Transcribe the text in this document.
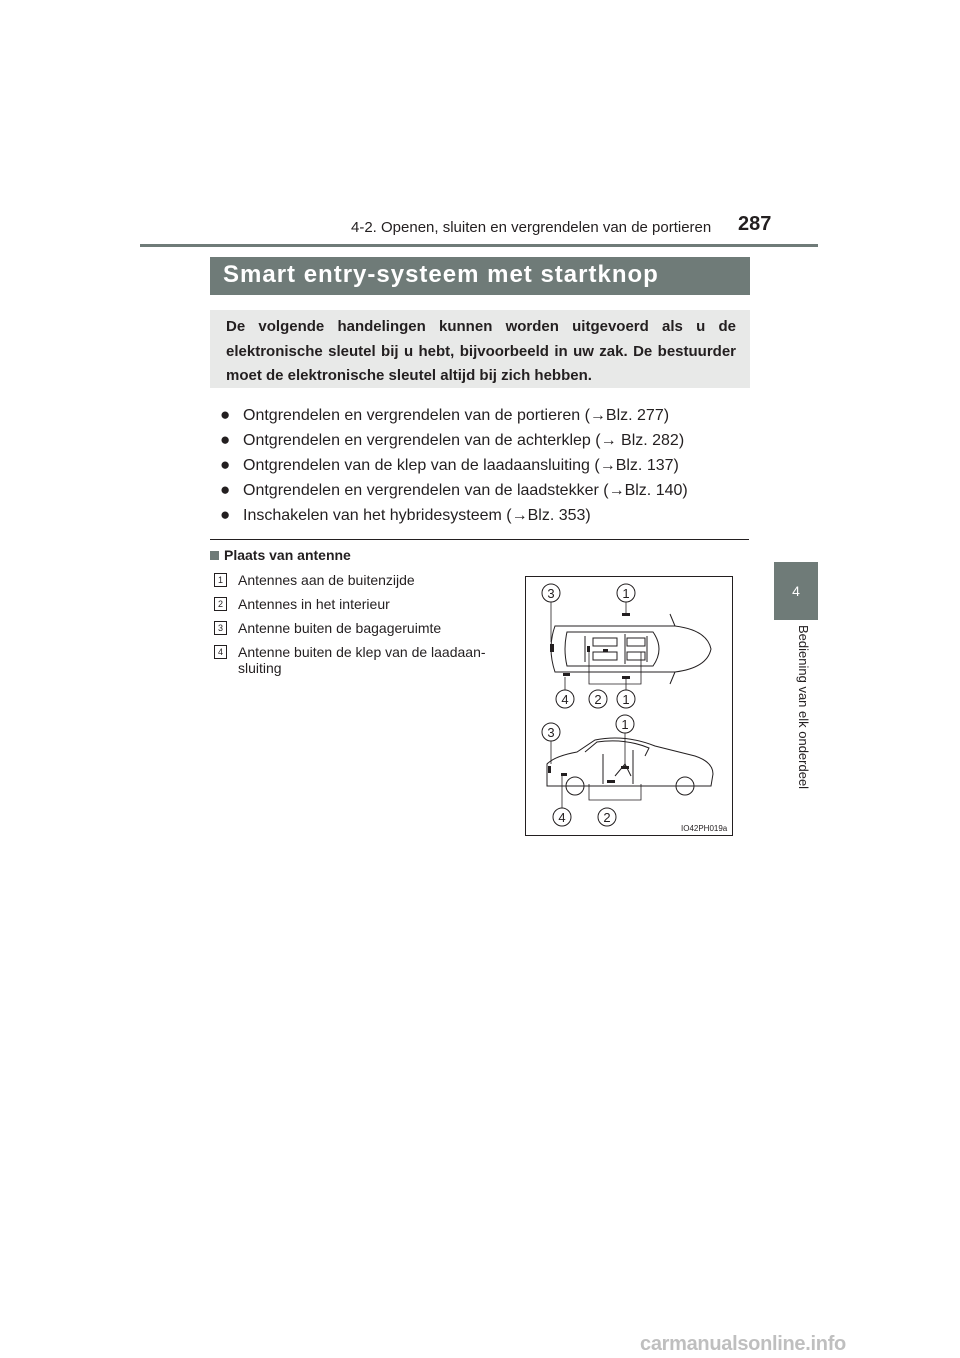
4-2. Openen, sluiten en vergrendelen van de portieren 287
4
Bediening van elk onderdeel
Smart entry-systeem met startknop
De volgende handelingen kunnen worden uitgevoerd als u de elektronische sleutel bij u hebt, bijvoorbeeld in uw zak. De bestuurder moet de elektronische sleutel altijd bij zich hebben.
● Ontgrendelen en vergrendelen van de portieren (→Blz. 277)
● Ontgrendelen en vergrendelen van de achterklep (→ Blz. 282)
● Ontgrendelen van de klep van de laadaansluiting (→Blz. 137)
● Ontgrendelen en vergrendelen van de laadstekker (→Blz. 140)
● Inschakelen van het hybridesysteem (→Blz. 353)
Plaats van antenne
1 Antennes aan de buitenzijde
2 Antennes in het interieur
3 Antenne buiten de bagageruimte
4 Antenne buiten de klep van de laadaan-sluiting
3	1
4 2 1
3
1
4	2
IO42PH019a
carmanualsonline.info
